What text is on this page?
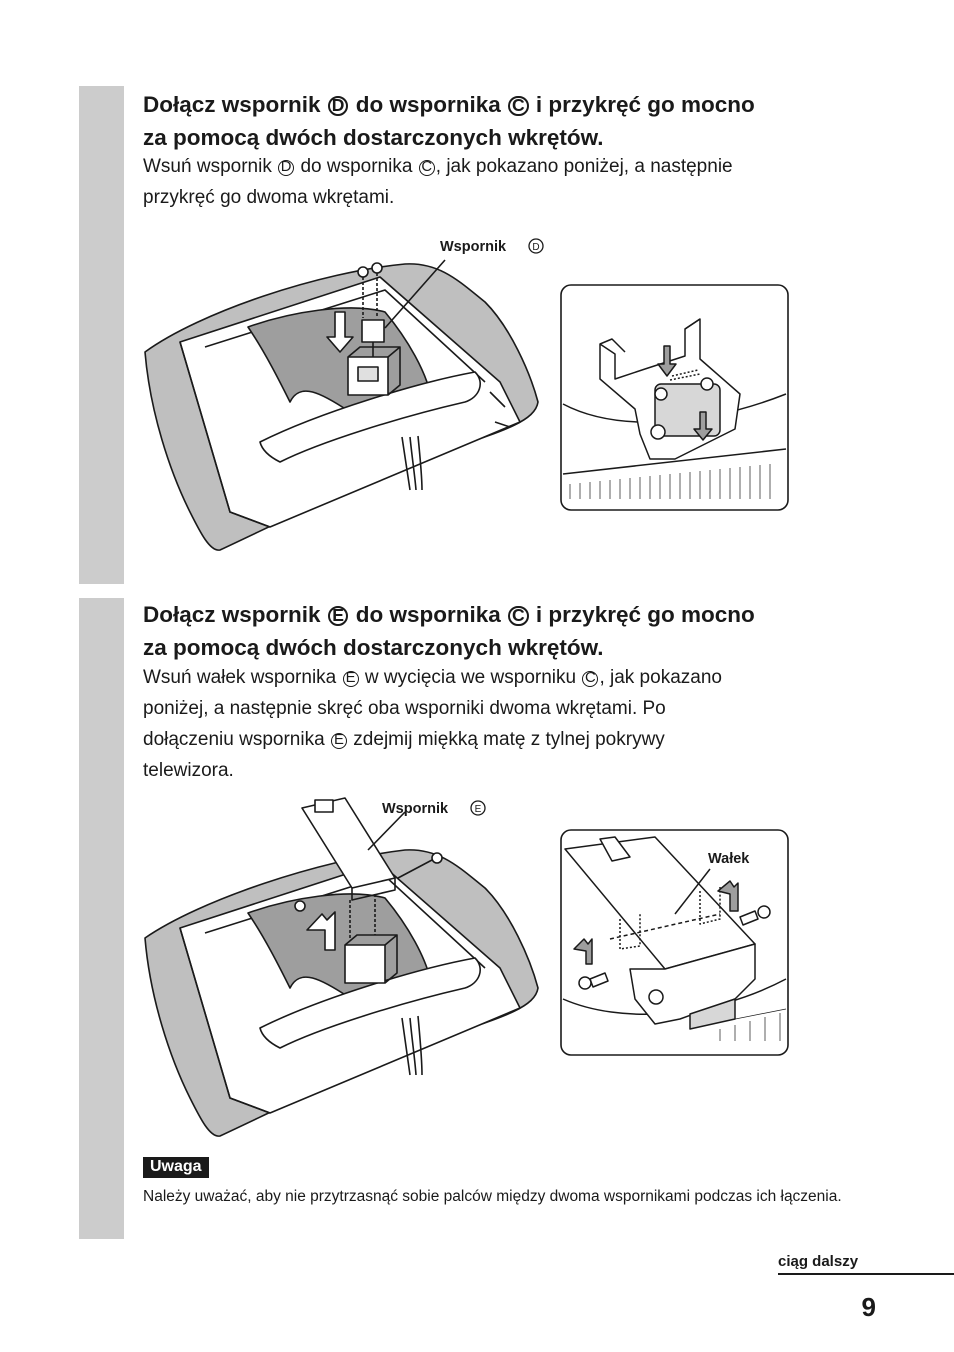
Dołącz wspornik D do wspornika C i przykręć go mocno
za pomocą dwóch dostarczonych wkrętów.
Wsuń wspornik D do wspornika C , jak pokazano poniżej, a następnie
przykręć go dwoma wkrętami.
Wspornik	D
Dołącz wspornik E do wspornika C i przykręć go mocno
za pomocą dwóch dostarczonych wkrętów.
Wsuń wałek wspornika E w wycięcia we wsporniku C , jak pokazano
poniżej, a następnie skręć oba wsporniki dwoma wkrętami. Po
dołączeniu wspornika E zdejmij miękką matę z tylnej pokrywy
telewizora.
Wspornik	E
Wałek
Uwaga

Należy uważać, aby nie przytrzasnąć sobie palców między dwoma wspornikami podczas ich łączenia.

ciąg dalszy
9
